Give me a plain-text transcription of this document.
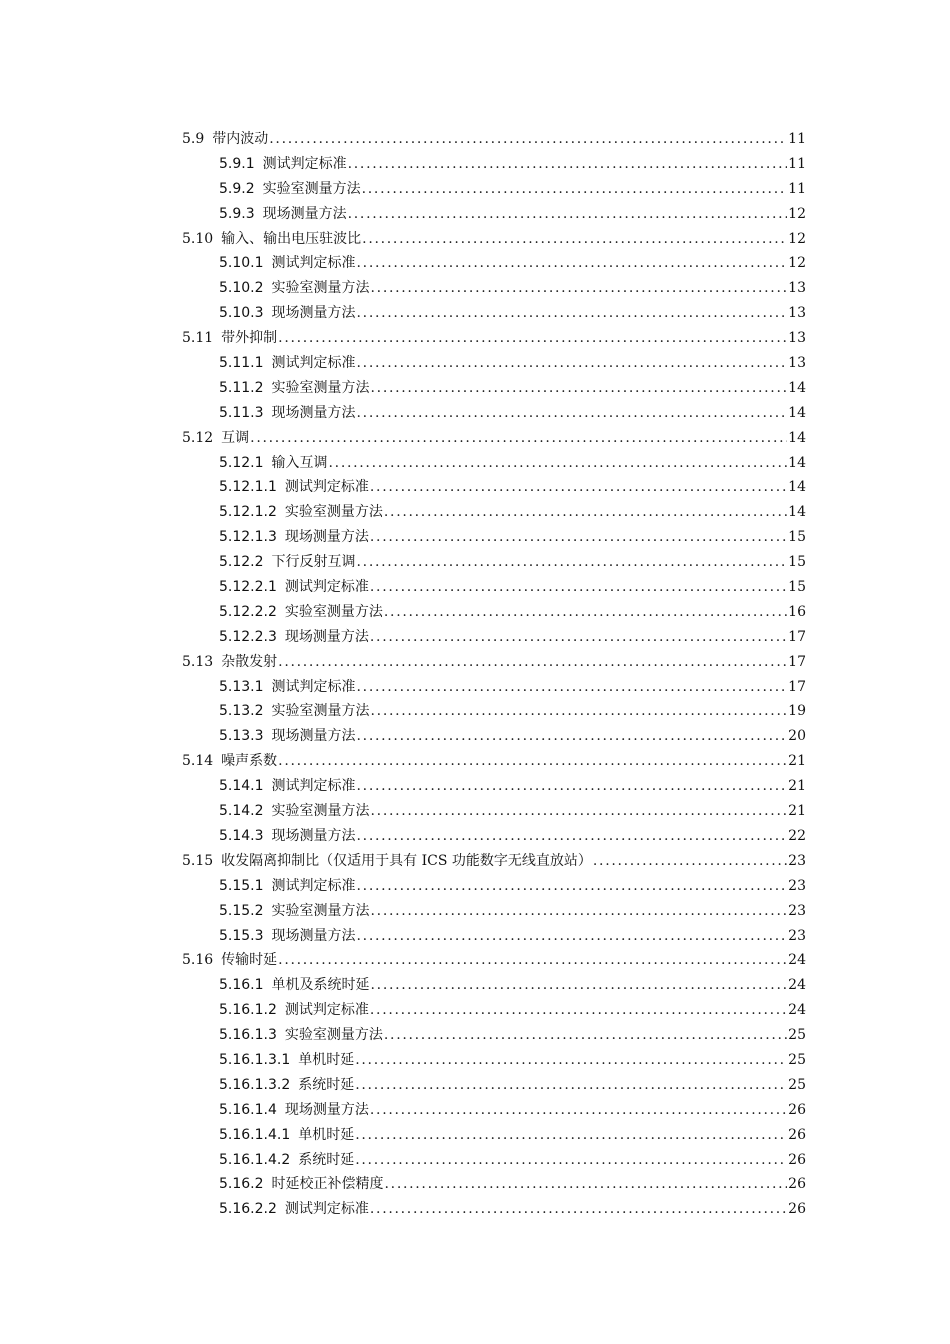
5.9 带内波动 .....	11
5.9.1 测试判定标准 .....	11
5.9.2 实验室测量方法 .....	11
5.9.3 现场测量方法 .....	12
5.10 输入、输出电压驻波比 .....	12
5.10.1 测试判定标准 .....	12
5.10.2 实验室测量方法 .....	13
5.10.3 现场测量方法 .....	13
5.11 带外抑制 .....	13
5.11.1 测试判定标准 .....	13
5.11.2 实验室测量方法 .....	14
5.11.3 现场测量方法 .....	14
5.12 互调 .....	14
5.12.1 输入互调 .....	14
5.12.1.1 测试判定标准 .....	14
5.12.1.2 实验室测量方法 .....	14
5.12.1.3 现场测量方法 .....	15
5.12.2 下行反射互调 .....	15
5.12.2.1 测试判定标准 .....	15
5.12.2.2 实验室测量方法 .....	16
5.12.2.3 现场测量方法 .....	17
5.13 杂散发射 .....	17
5.13.1 测试判定标准 .....	17
5.13.2 实验室测量方法 .....	19
5.13.3 现场测量方法 .....	20
5.14 噪声系数 .....	21
5.14.1 测试判定标准 .....	21
5.14.2 实验室测量方法 .....	21
5.14.3 现场测量方法 .....	22
5.15 收发隔离抑制比（仅适用于具有 ICS 功能数字无线直放站） .....	23
5.15.1 测试判定标准 .....	23
5.15.2 实验室测量方法 .....	23
5.15.3 现场测量方法 .....	23
5.16 传输时延 .....	24
5.16.1 单机及系统时延 .....	24
5.16.1.2 测试判定标准 .....	24
5.16.1.3 实验室测量方法 .....	25
5.16.1.3.1 单机时延 .....	25
5.16.1.3.2 系统时延 .....	25
5.16.1.4 现场测量方法 .....	26
5.16.1.4.1 单机时延 .....	26
5.16.1.4.2 系统时延 .....	26
5.16.2 时延校正补偿精度 .....	26
5.16.2.2 测试判定标准 .....	26
